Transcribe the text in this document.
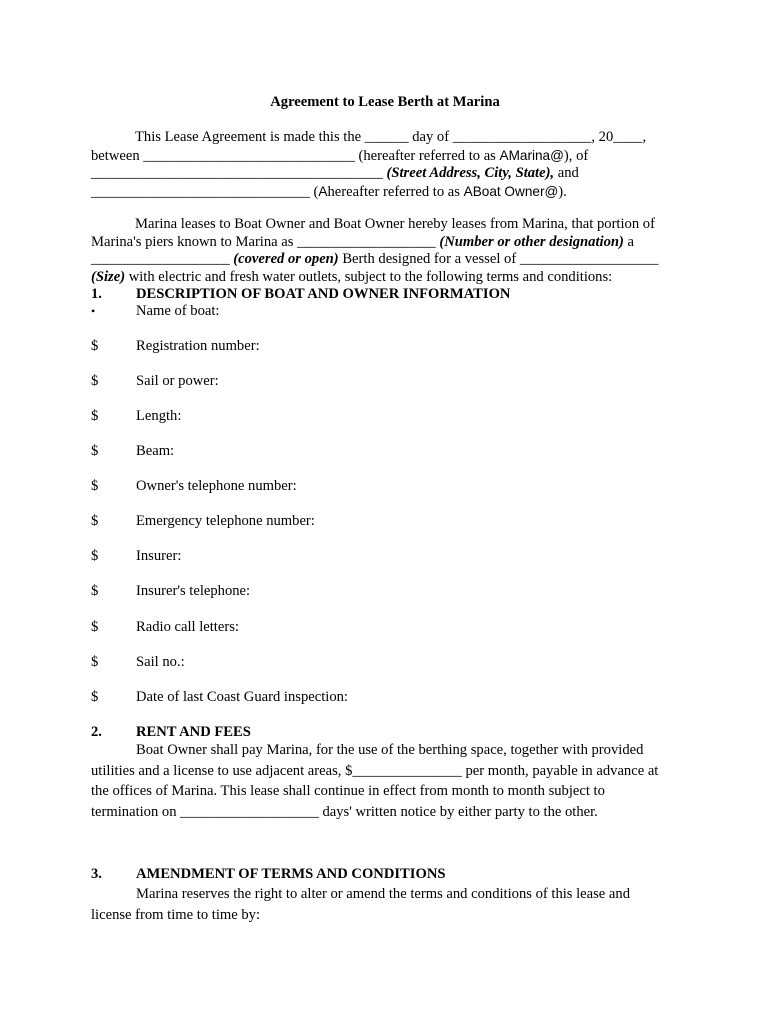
Agreement to Lease Berth at Marina
This Lease Agreement is made this the ______ day of ___________________, 20____,
between _____________________________ (hereafter referred to as AMarina@), of
________________________________________ (Street Address, City, State), and
______________________________ (Ahereafter referred to as ABoat Owner@).
Marina leases to Boat Owner and Boat Owner hereby leases from Marina, that portion of
Marina's piers known to Marina as ___________________ (Number or other designation) a
___________________ (covered or open) Berth designed for a vessel of ___________________
(Size) with electric and fresh water outlets, subject to the following terms and conditions:
1. DESCRIPTION OF BOAT AND OWNER INFORMATION
•	Name of boat:
$	Registration number:
$	Sail or power:
$	Length:
$	Beam:
$	Owner's telephone number:
$	Emergency telephone number:
$	Insurer:
$	Insurer's telephone:
$	Radio call letters:
$	Sail no.:
$	Date of last Coast Guard inspection:
2. RENT AND FEES
Boat Owner shall pay Marina, for the use of the berthing space, together with provided
utilities and a license to use adjacent areas, $_______________ per month, payable in advance at
the offices of Marina. This lease shall continue in effect from month to month subject to
termination on ___________________ days' written notice by either party to the other.
3. AMENDMENT OF TERMS AND CONDITIONS
Marina reserves the right to alter or amend the terms and conditions of this lease and
license from time to time by:
